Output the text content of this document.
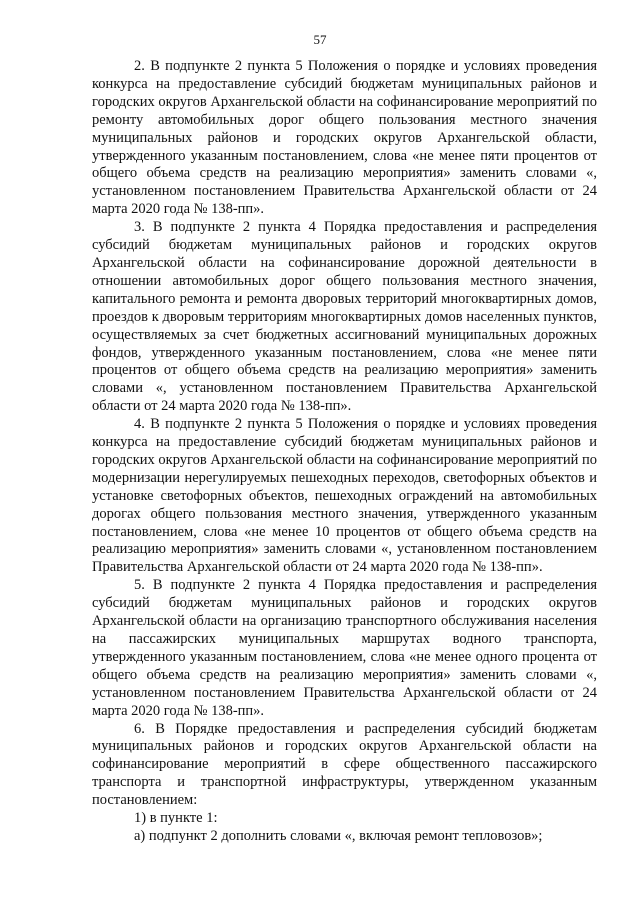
57

2. В подпункте 2 пункта 5 Положения о порядке и условиях проведения конкурса на предоставление субсидий бюджетам муниципальных районов и городских округов Архангельской области на софинансирование мероприятий по ремонту автомобильных дорог общего пользования местного значения муниципальных районов и городских округов Архангельской области, утвержденного указанным постановлением, слова «не менее пяти процентов от общего объема средств на реализацию мероприятия» заменить словами «, установленном постановлением Правительства Архангельской области от 24 марта 2020 года № 138-пп».

3. В подпункте 2 пункта 4 Порядка предоставления и распределения субсидий бюджетам муниципальных районов и городских округов Архангельской области на софинансирование дорожной деятельности в отношении автомобильных дорог общего пользования местного значения, капитального ремонта и ремонта дворовых территорий многоквартирных домов, проездов к дворовым территориям многоквартирных домов населенных пунктов, осуществляемых за счет бюджетных ассигнований муниципальных дорожных фондов, утвержденного указанным постановлением, слова «не менее пяти процентов от общего объема средств на реализацию мероприятия» заменить словами «, установленном постановлением Правительства Архангельской области от 24 марта 2020 года № 138-пп».

4. В подпункте 2 пункта 5 Положения о порядке и условиях проведения конкурса на предоставление субсидий бюджетам муниципальных районов и городских округов Архангельской области на софинансирование мероприятий по модернизации нерегулируемых пешеходных переходов, светофорных объектов и установке светофорных объектов, пешеходных ограждений на автомобильных дорогах общего пользования местного значения, утвержденного указанным постановлением, слова «не менее 10 процентов от общего объема средств на реализацию мероприятия» заменить словами «, установленном постановлением Правительства Архангельской области от 24 марта 2020 года № 138-пп».

5. В подпункте 2 пункта 4 Порядка предоставления и распределения субсидий бюджетам муниципальных районов и городских округов Архангельской области на организацию транспортного обслуживания населения на пассажирских муниципальных маршрутах водного транспорта, утвержденного указанным постановлением, слова «не менее одного процента от общего объема средств на реализацию мероприятия» заменить словами «, установленном постановлением Правительства Архангельской области от 24 марта 2020 года № 138-пп».

6. В Порядке предоставления и распределения субсидий бюджетам муниципальных районов и городских округов Архангельской области на софинансирование мероприятий в сфере общественного пассажирского транспорта и транспортной инфраструктуры, утвержденном указанным постановлением:

1) в пункте 1:

а) подпункт 2 дополнить словами «, включая ремонт тепловозов»;
